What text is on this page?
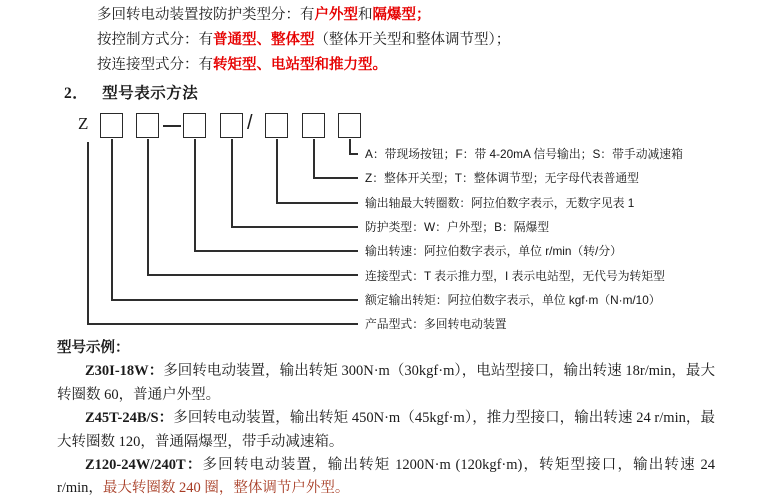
多回转电动装置按防护类型分：有户外型和隔爆型；
按控制方式分：有普通型、整体型（整体开关型和整体调节型）；
按连接型式分：有转矩型、电站型和推力型。
2． 型号表示方法
Z	/
A：带现场按钮；F：带 4-20mA 信号输出；S：带手动减速箱
Z：整体开关型；T：整体调节型；无字母代表普通型
输出轴最大转圈数：阿拉伯数字表示，无数字见表 1
防护类型：W：户外型；B：隔爆型
输出转速：阿拉伯数字表示，单位 r/min（转/分）
连接型式：T 表示推力型，I 表示电站型，无代号为转矩型
额定输出转矩：阿拉伯数字表示，单位 kgf·m（N·m/10）
产品型式：多回转电动装置
型号示例：

Z30I-18W：多回转电动装置，输出转矩 300N·m（30kgf·m），电站型接口，输出转速 18r/min，最大转圈数 60，普通户外型。

Z45T-24B/S：多回转电动装置，输出转矩 450N·m（45kgf·m），推力型接口，输出转速 24 r/min，最大转圈数 120，普通隔爆型，带手动减速箱。

Z120-24W/240T：多回转电动装置，输出转矩 1200N·m (120kgf·m)，转矩型接口，输出转速 24 r/min，最大转圈数 240 圈，整体调节户外型。
